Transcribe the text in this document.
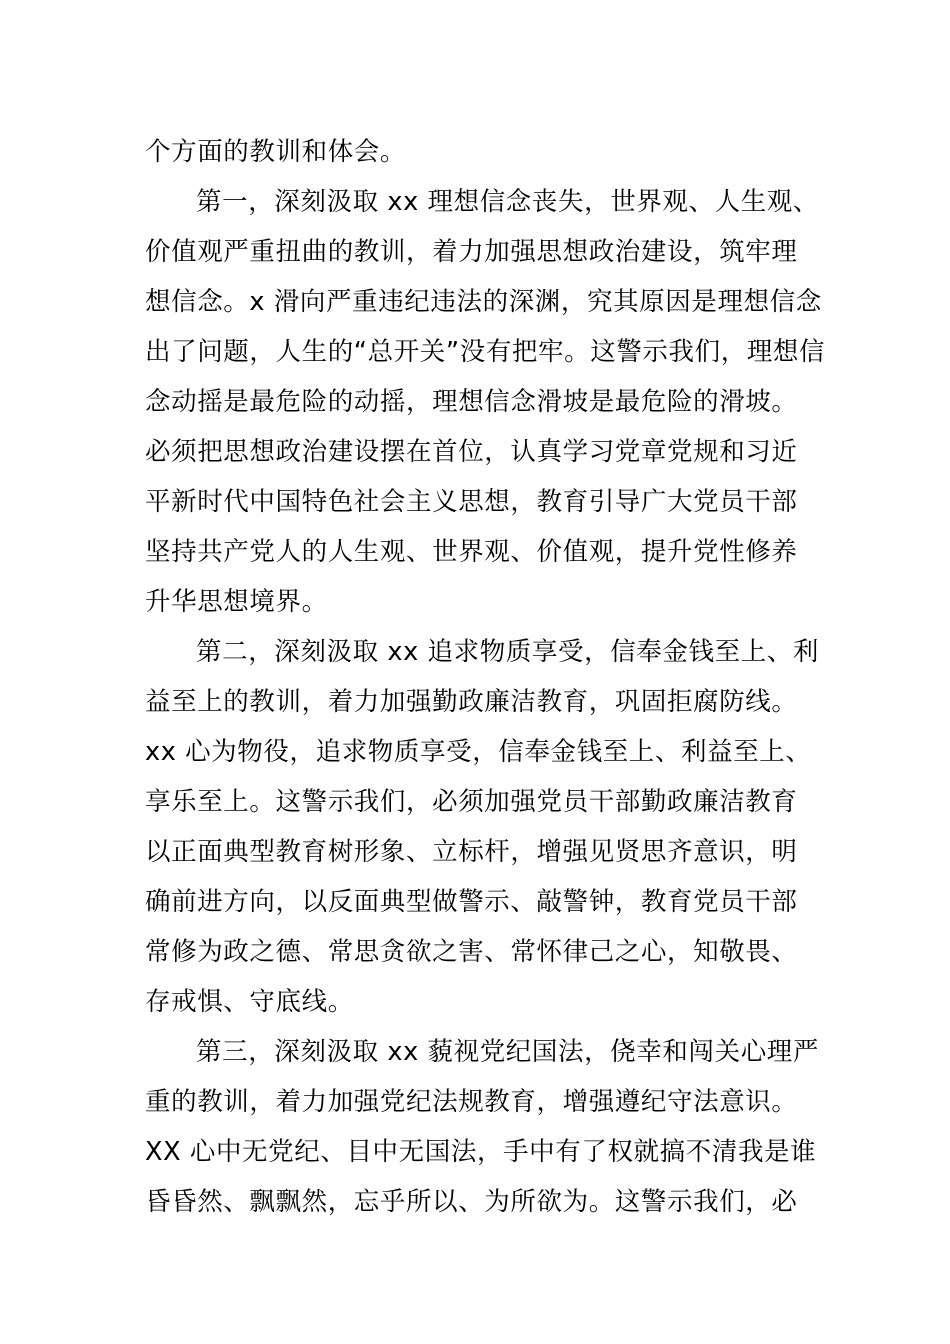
个方面的教训和体会。
第一，深刻汲取 xx 理想信念丧失，世界观、人生观、
价值观严重扭曲的教训，着力加强思想政治建设，筑牢理
想信念。x 滑向严重违纪违法的深渊，究其原因是理想信念
出了问题，人生的“总开关”没有把牢。这警示我们，理想信
念动摇是最危险的动摇，理想信念滑坡是最危险的滑坡。
必须把思想政治建设摆在首位，认真学习党章党规和习近
平新时代中国特色社会主义思想，教育引导广大党员干部
坚持共产党人的人生观、世界观、价值观，提升党性修养
升华思想境界。
第二，深刻汲取 xx 追求物质享受，信奉金钱至上、利
益至上的教训，着力加强勤政廉洁教育，巩固拒腐防线。
xx 心为物役，追求物质享受，信奉金钱至上、利益至上、
享乐至上。这警示我们，必须加强党员干部勤政廉洁教育
以正面典型教育树形象、立标杆，增强见贤思齐意识，明
确前进方向，以反面典型做警示、敲警钟，教育党员干部
常修为政之德、常思贪欲之害、常怀律己之心，知敬畏、
存戒惧、守底线。
第三，深刻汲取 xx 藐视党纪国法，侥幸和闯关心理严
重的教训，着力加强党纪法规教育，增强遵纪守法意识。
XX 心中无党纪、目中无国法，手中有了权就搞不清我是谁
昏昏然、飘飘然，忘乎所以、为所欲为。这警示我们，必
